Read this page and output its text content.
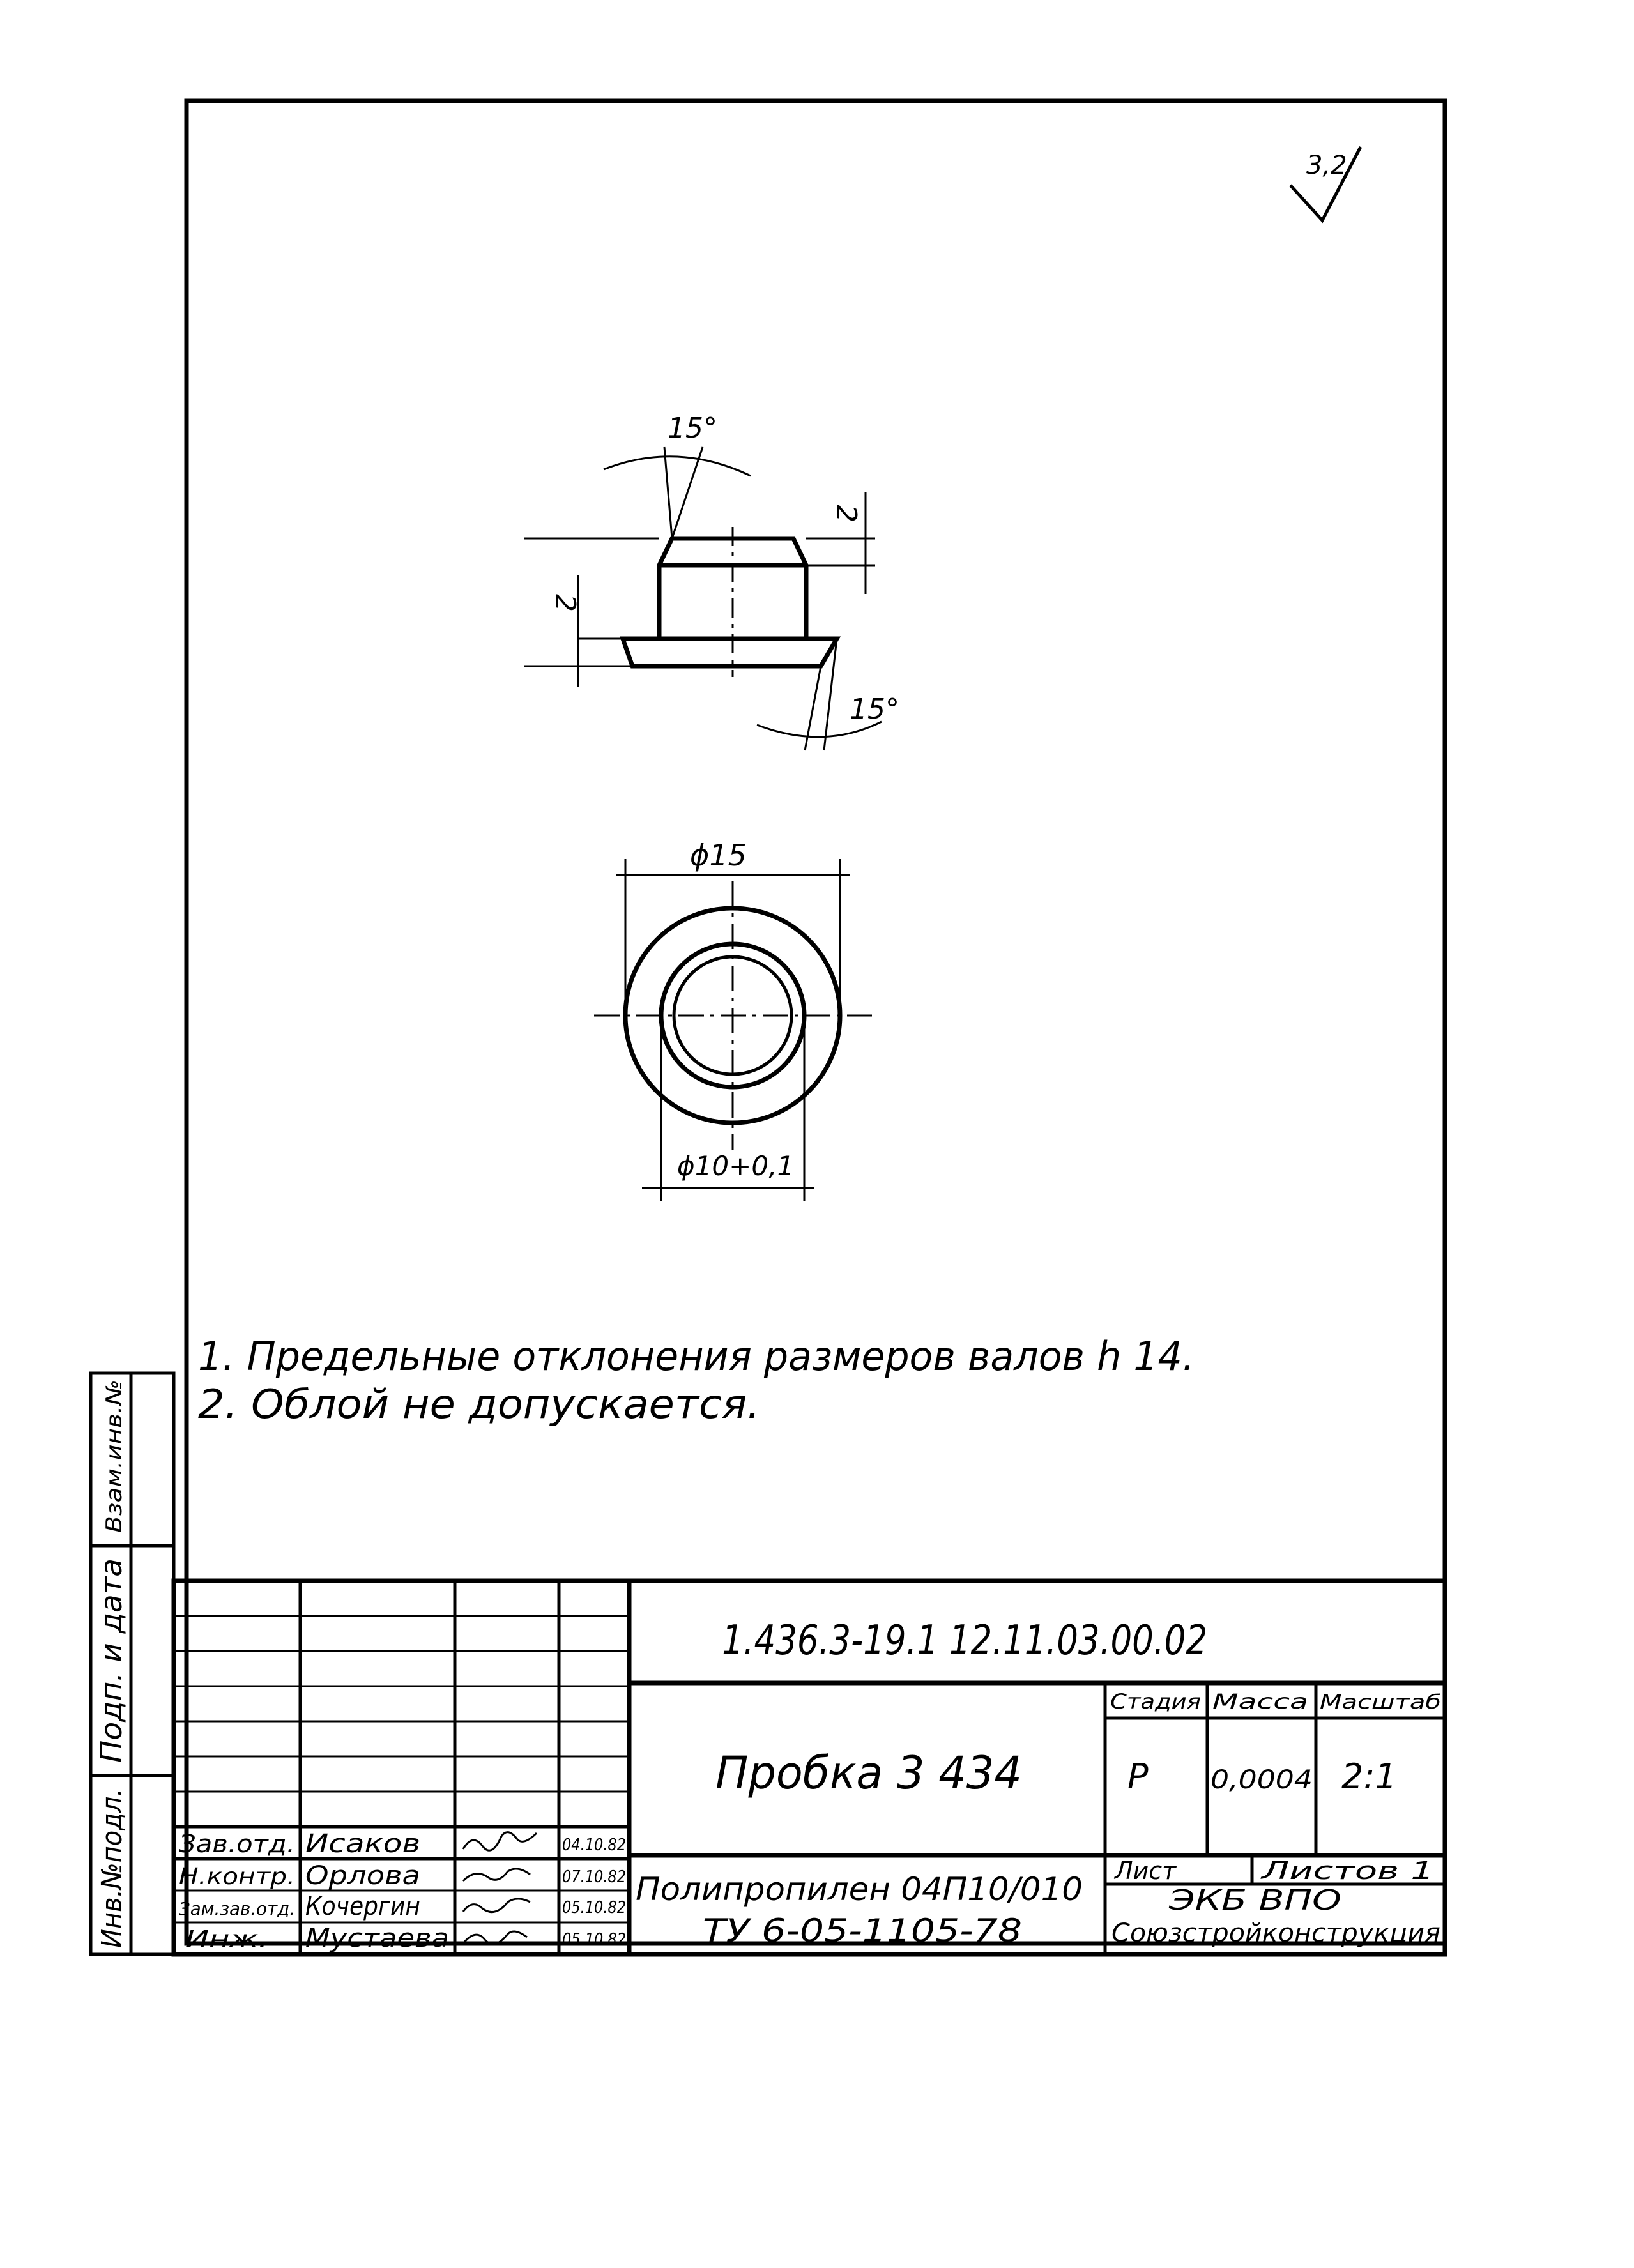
3,2
15°
15°
2
2
ϕ15
ϕ10+0,1
1. Предельные отклонения размеров валов h 14.
2. Облой не допускается.
Взам.инв.№
Подп. и дата
Инв.№подл.
1.436.3-19.1 12.11.03.00.02
Пробка 3 434
Стадия Масса Масштаб
Р 0,0004 2:1
Лист	Листов 1
Полипропилен 04П10/010
ТУ 6-05-1105-78
ЭКБ ВПО
Союзстройконструкция
Зав.отд. Исаков	04.10.82
Н.контр. Орлова	07.10.82
Зам.зав.отд. Кочергин	05.10.82
Инж. Мустаева	05.10.82
